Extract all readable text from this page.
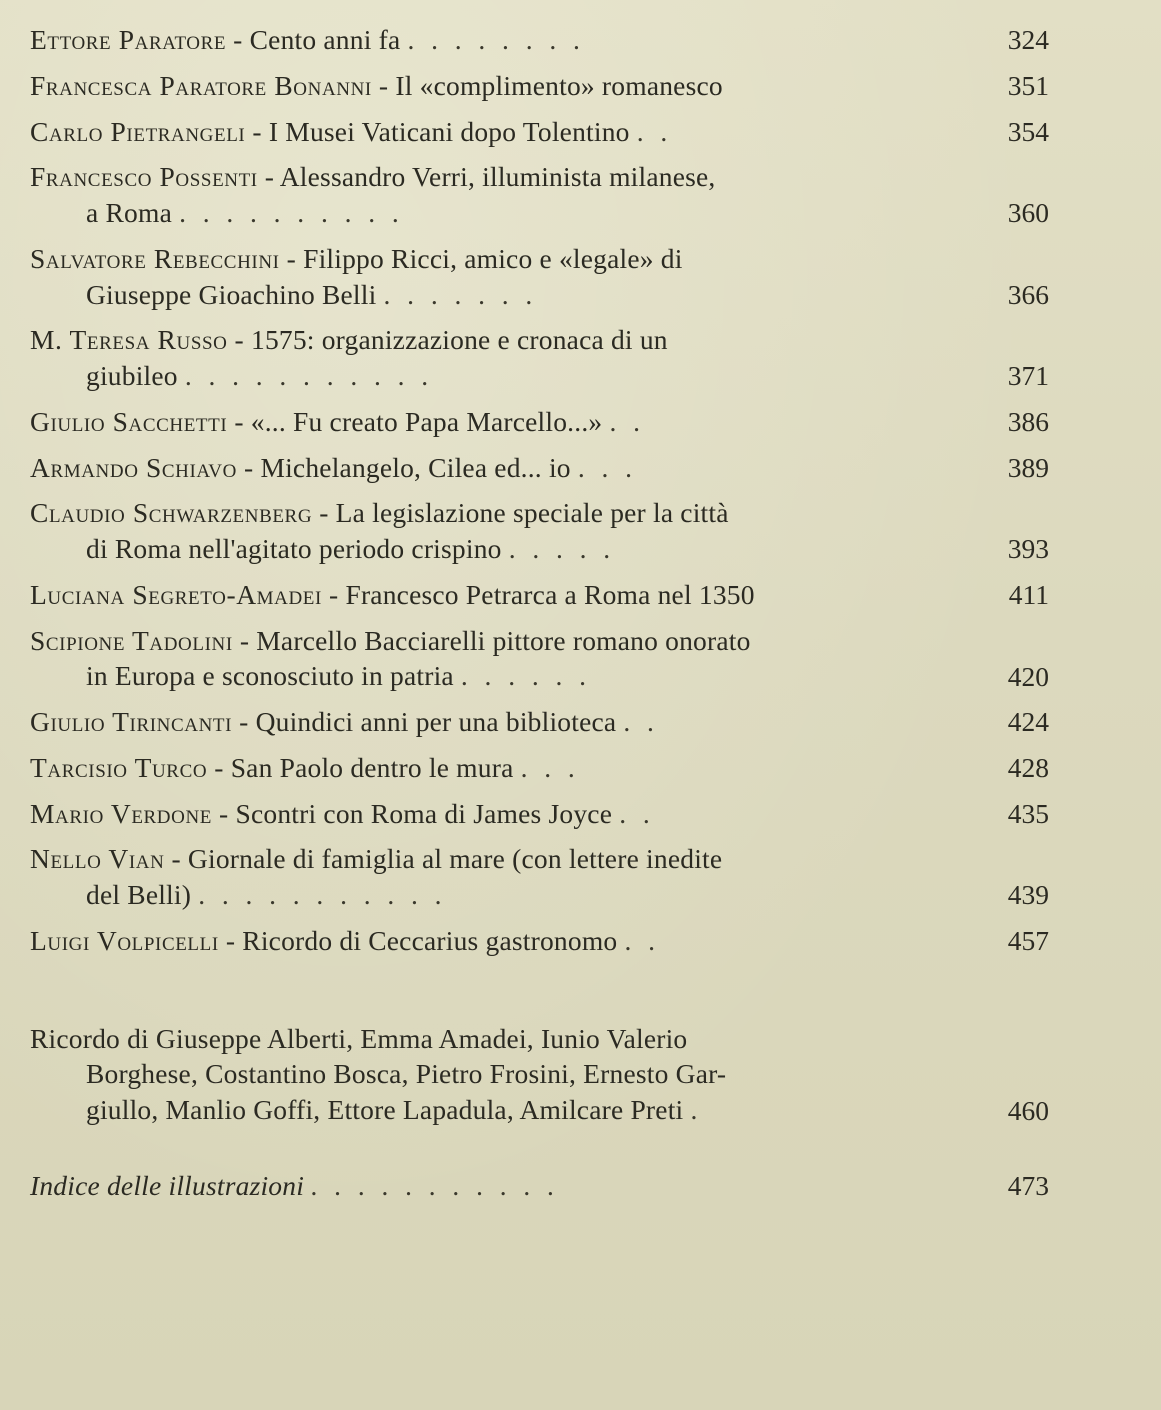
Ettore Paratore - Cento anni fa . . . . . . . .	324
Francesca Paratore Bonanni - Il «complimento» romanesco	351
Carlo Pietrangeli - I Musei Vaticani dopo Tolentino . .	354
Francesco Possenti - Alessandro Verri, illuminista milanese,
a Roma . . . . . . . . . .	360
Salvatore Rebecchini - Filippo Ricci, amico e «legale» di
Giuseppe Gioachino Belli . . . . . . .	366
M. Teresa Russo - 1575: organizzazione e cronaca di un
giubileo . . . . . . . . . . .	371
Giulio Sacchetti - «... Fu creato Papa Marcello...» . .	386
Armando Schiavo - Michelangelo, Cilea ed... io . . .	389
Claudio Schwarzenberg - La legislazione speciale per la città
di Roma nell'agitato periodo crispino . . . . .	393
Luciana Segreto-Amadei - Francesco Petrarca a Roma nel 1350	411
Scipione Tadolini - Marcello Bacciarelli pittore romano onorato
in Europa e sconosciuto in patria . . . . . .	420
Giulio Tirincanti - Quindici anni per una biblioteca . .	424
Tarcisio Turco - San Paolo dentro le mura . . .	428
Mario Verdone - Scontri con Roma di James Joyce . .	435
Nello Vian - Giornale di famiglia al mare (con lettere inedite
del Belli) . . . . . . . . . . .	439
Luigi Volpicelli - Ricordo di Ceccarius gastronomo . .	457
Ricordo di Giuseppe Alberti, Emma Amadei, Iunio Valerio
Borghese, Costantino Bosca, Pietro Frosini, Ernesto Gar-
giullo, Manlio Goffi, Ettore Lapadula, Amilcare Preti .	460
Indice delle illustrazioni . . . . . . . . . . .	473
